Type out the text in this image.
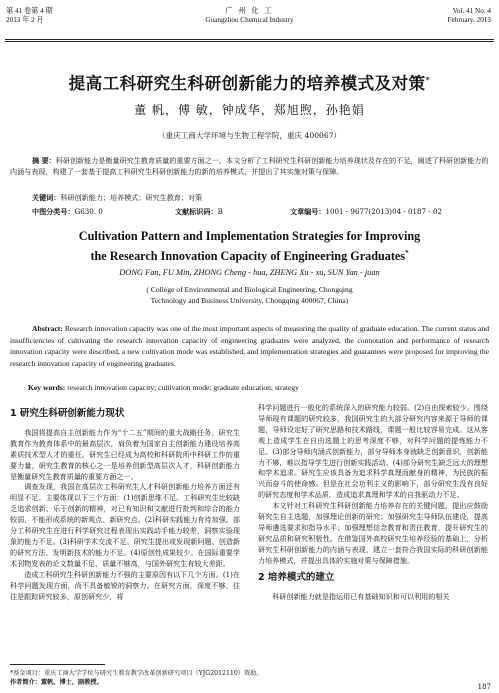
第 41 卷第 4 期
2013 年 2 月
广 州 化 工
Guangzhou Chemical Industry
Vol. 41 No. 4
February. 2013
提高工科研究生科研创新能力的培养模式及对策*
董 帆，傅 敏，钟成华，郑旭煦，孙艳娟
（重庆工商大学环境与生物工程学院，重庆 400067）
摘 要：科研创新能力是衡量研究生教育质量的重要方面之一。本文分析了工科研究生科研创新能力培养现状及存在的不足，阐述了科研创新能力的内涵与表现，构建了一套基于提高工科研究生科研创新能力的新的培养模式，并提出了其实施对策与保障。
关键词：科研创新能力；培养模式；研究生教育；对策
中图分类号：G630. 0	文献标识码：B	文章编号：1001 - 9677(2013)04 - 0187 - 02
Cultivation Pattern and Implementation Strategies for Improving
the Research Innovation Capacity of Engineering Graduates*
DONG Fan, FU Min, ZHONG Cheng - hua, ZHENG Xu - xu, SUN Yan - juan
( College of Environmental and Biological Engineering, Chongqing
Technology and Business University, Chongqing 400067, China)
Abstract: Research innovation capacity was one of the most important aspects of measuring the quality of graduate education. The current status and insufficiencies of cultivating the research innovation capacity of engineering graduates were analyzed, the connotation and performance of research innovation capacity were described, a new cultivation mode was established, and implementation strategies and guarantees were proposed for improving the research innovation capacity of engineering graduates.
Key words: research innovation capacity; cultivation mode; graduate education; strategy
1 研究生科研创新能力现状

我国将提高自主创新能力作为“十二五”期间的重大战略任务。研究生教育作为教育体系中的最高层次，肩负着为国家自主创新能力建设培养高素质技术型人才的重任。研究生已经成为高校和科研院所中科研工作的重要力量，研究生教育的核心之一是培养创新型高层次人才，科研创新能力是衡量研究生教育质量的重要方面之一。

调查发现，我国在高层次工科研究生人才科研创新能力培养方面还有明显不足。主要体现以下三个方面：(1)创新思维不足。工科研究生比较缺乏追求创新、乐于创新的精神，对已有知识和文献进行批判和综合的能力较弱，不能形成系统的新观点、新研究点。(2)科研实践能力有待加强。部分工科研究生在进行科学研究过程表现出实践动手能力较差，洞察实验现象的能力不足。(3)科研学术交流不足。研究生提出或发现新问题、创造新的研究方法、发明新技术的能力不足。(4)原创性成果较少。在国际重要学术刊物发表的论文数量不足，质量不够高，与国外研究生有较大差距。

造成工科研究生科研创新能力不强的主要原因有以下几个方面。(1)在科学问题发现方面，尚不具备敏锐的洞察力。在研究方面，深度不够，往往是跟踪研究较多，原创研究少，将

科学问题进行一般化的系统深入的研究能力较弱。(2)自由探索较少。围绕导师现有课题的研究较多，我国研究生的大部分研究内容来源于导师的课题，导师设定好了研究思路和技术路线，课题一般比较容易完成。这从客观上造成学生在自由选题上的思考深度不够，对科学问题的提炼能力不足。(3)部分导师内涵式创新能力，部分导师本身就缺乏创新意识，创新能力不够，难以指导学生进行创新实践活动。(4)部分研究生缺乏远大的理想和学术追求。研究生应该具备为追求科学真理而献身的精神，为民族的振兴而奋斗的使命感。但是在社会功利主义的影响下，部分研究生没有良好的研究态度和学术品质，造成追求真理和学术的自我驱动力不足。

本文针对工科研究生科研创新能力培养存在的关键问题，提出应鼓励研究生自主选题，加强理论创新的研究；加强研究生导师队伍建设，提高导师遴选要求和指导水平；加强理想信念教育和责任教育，提升研究生的研究品质和研究积极性。在借鉴国外高校研究生培养经验的基础上，分析研究生科研创新能力的内涵与表现，建立一套符合我国实际的科研创新能力培养模式，并提出具体的实施对策与保障措施。

2 培养模式的建立

科研创新能力就是指运用已有基础知识和可以利用的相关

*基金项目：重庆工商大学学位与研究生教育教学改革创新研究项目（YJG2012110）资助。
作者简介：董帆，博士，副教授。
187
